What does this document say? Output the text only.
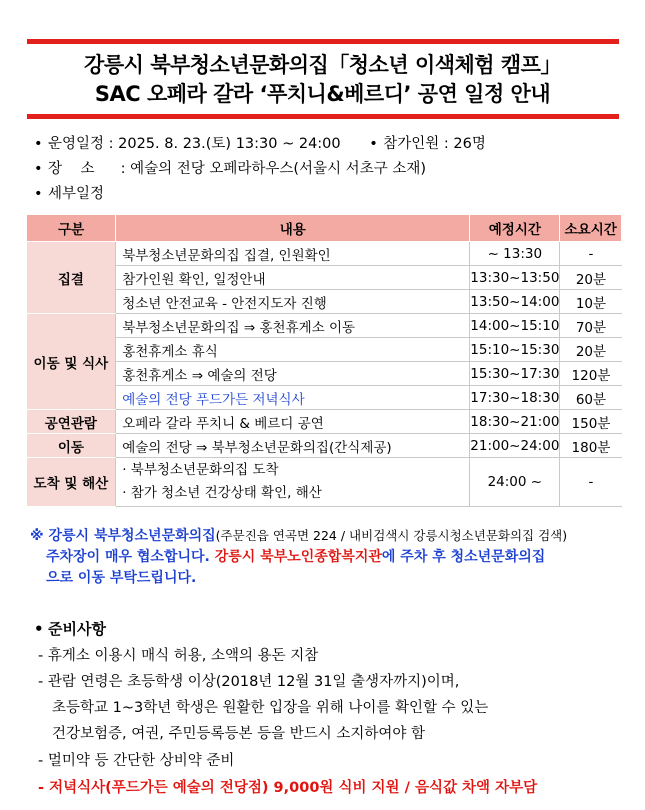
강릉시 북부청소년문화의집「청소년 이색체험 캠프」
SAC 오페라 갈라 ‘푸치니&베르디’ 공연 일정 안내
• 운영일정 : 2025. 8. 23.(토) 13:30 ~ 24:00 • 참가인원 : 26명
• 장    소 : 예술의 전당 오페라하우스(서울시 서초구 소재)
• 세부일정
구분	내용	예정시간	소요시간
집결	북부청소년문화의집 집결, 인원확인	~ 13:30	-
	참가인원 확인, 일정안내	13:30~13:50	20분
	청소년 안전교육 - 안전지도자 진행	13:50~14:00	10분
이동 및 식사	북부청소년문화의집 ⇒ 홍천휴게소 이동	14:00~15:10	70분
	홍천휴게소 휴식	15:10~15:30	20분
	홍천휴게소 ⇒ 예술의 전당	15:30~17:30	120분
	예술의 전당 푸드가든 저녁식사	17:30~18:30	60분
공연관람	오페라 갈라 푸치니 & 베르디 공연	18:30~21:00	150분
이동	예술의 전당 ⇒ 북부청소년문화의집(간식제공)	21:00~24:00	180분
도착 및 해산	· 북부청소년문화의집 도착
· 참가 청소년 건강상태 확인, 해산	24:00 ~	-
※ 강릉시 북부청소년문화의집(주문진읍 연곡면 224 / 내비검색시 강릉시청소년문화의집 검색)
주차장이 매우 협소합니다. 강릉시 북부노인종합복지관에 주차 후 청소년문화의집
으로 이동 부탁드립니다.
• 준비사항
- 휴게소 이용시 매식 허용, 소액의 용돈 지참
- 관람 연령은 초등학생 이상(2018년 12월 31일 출생자까지)이며,
초등학교 1~3학년 학생은 원활한 입장을 위해 나이를 확인할 수 있는
건강보험증, 여권, 주민등록등본 등을 반드시 소지하여야 함
- 멀미약 등 간단한 상비약 준비
- 저녁식사(푸드가든 예술의 전당점) 9,000원 식비 지원 / 음식값 차액 자부담
